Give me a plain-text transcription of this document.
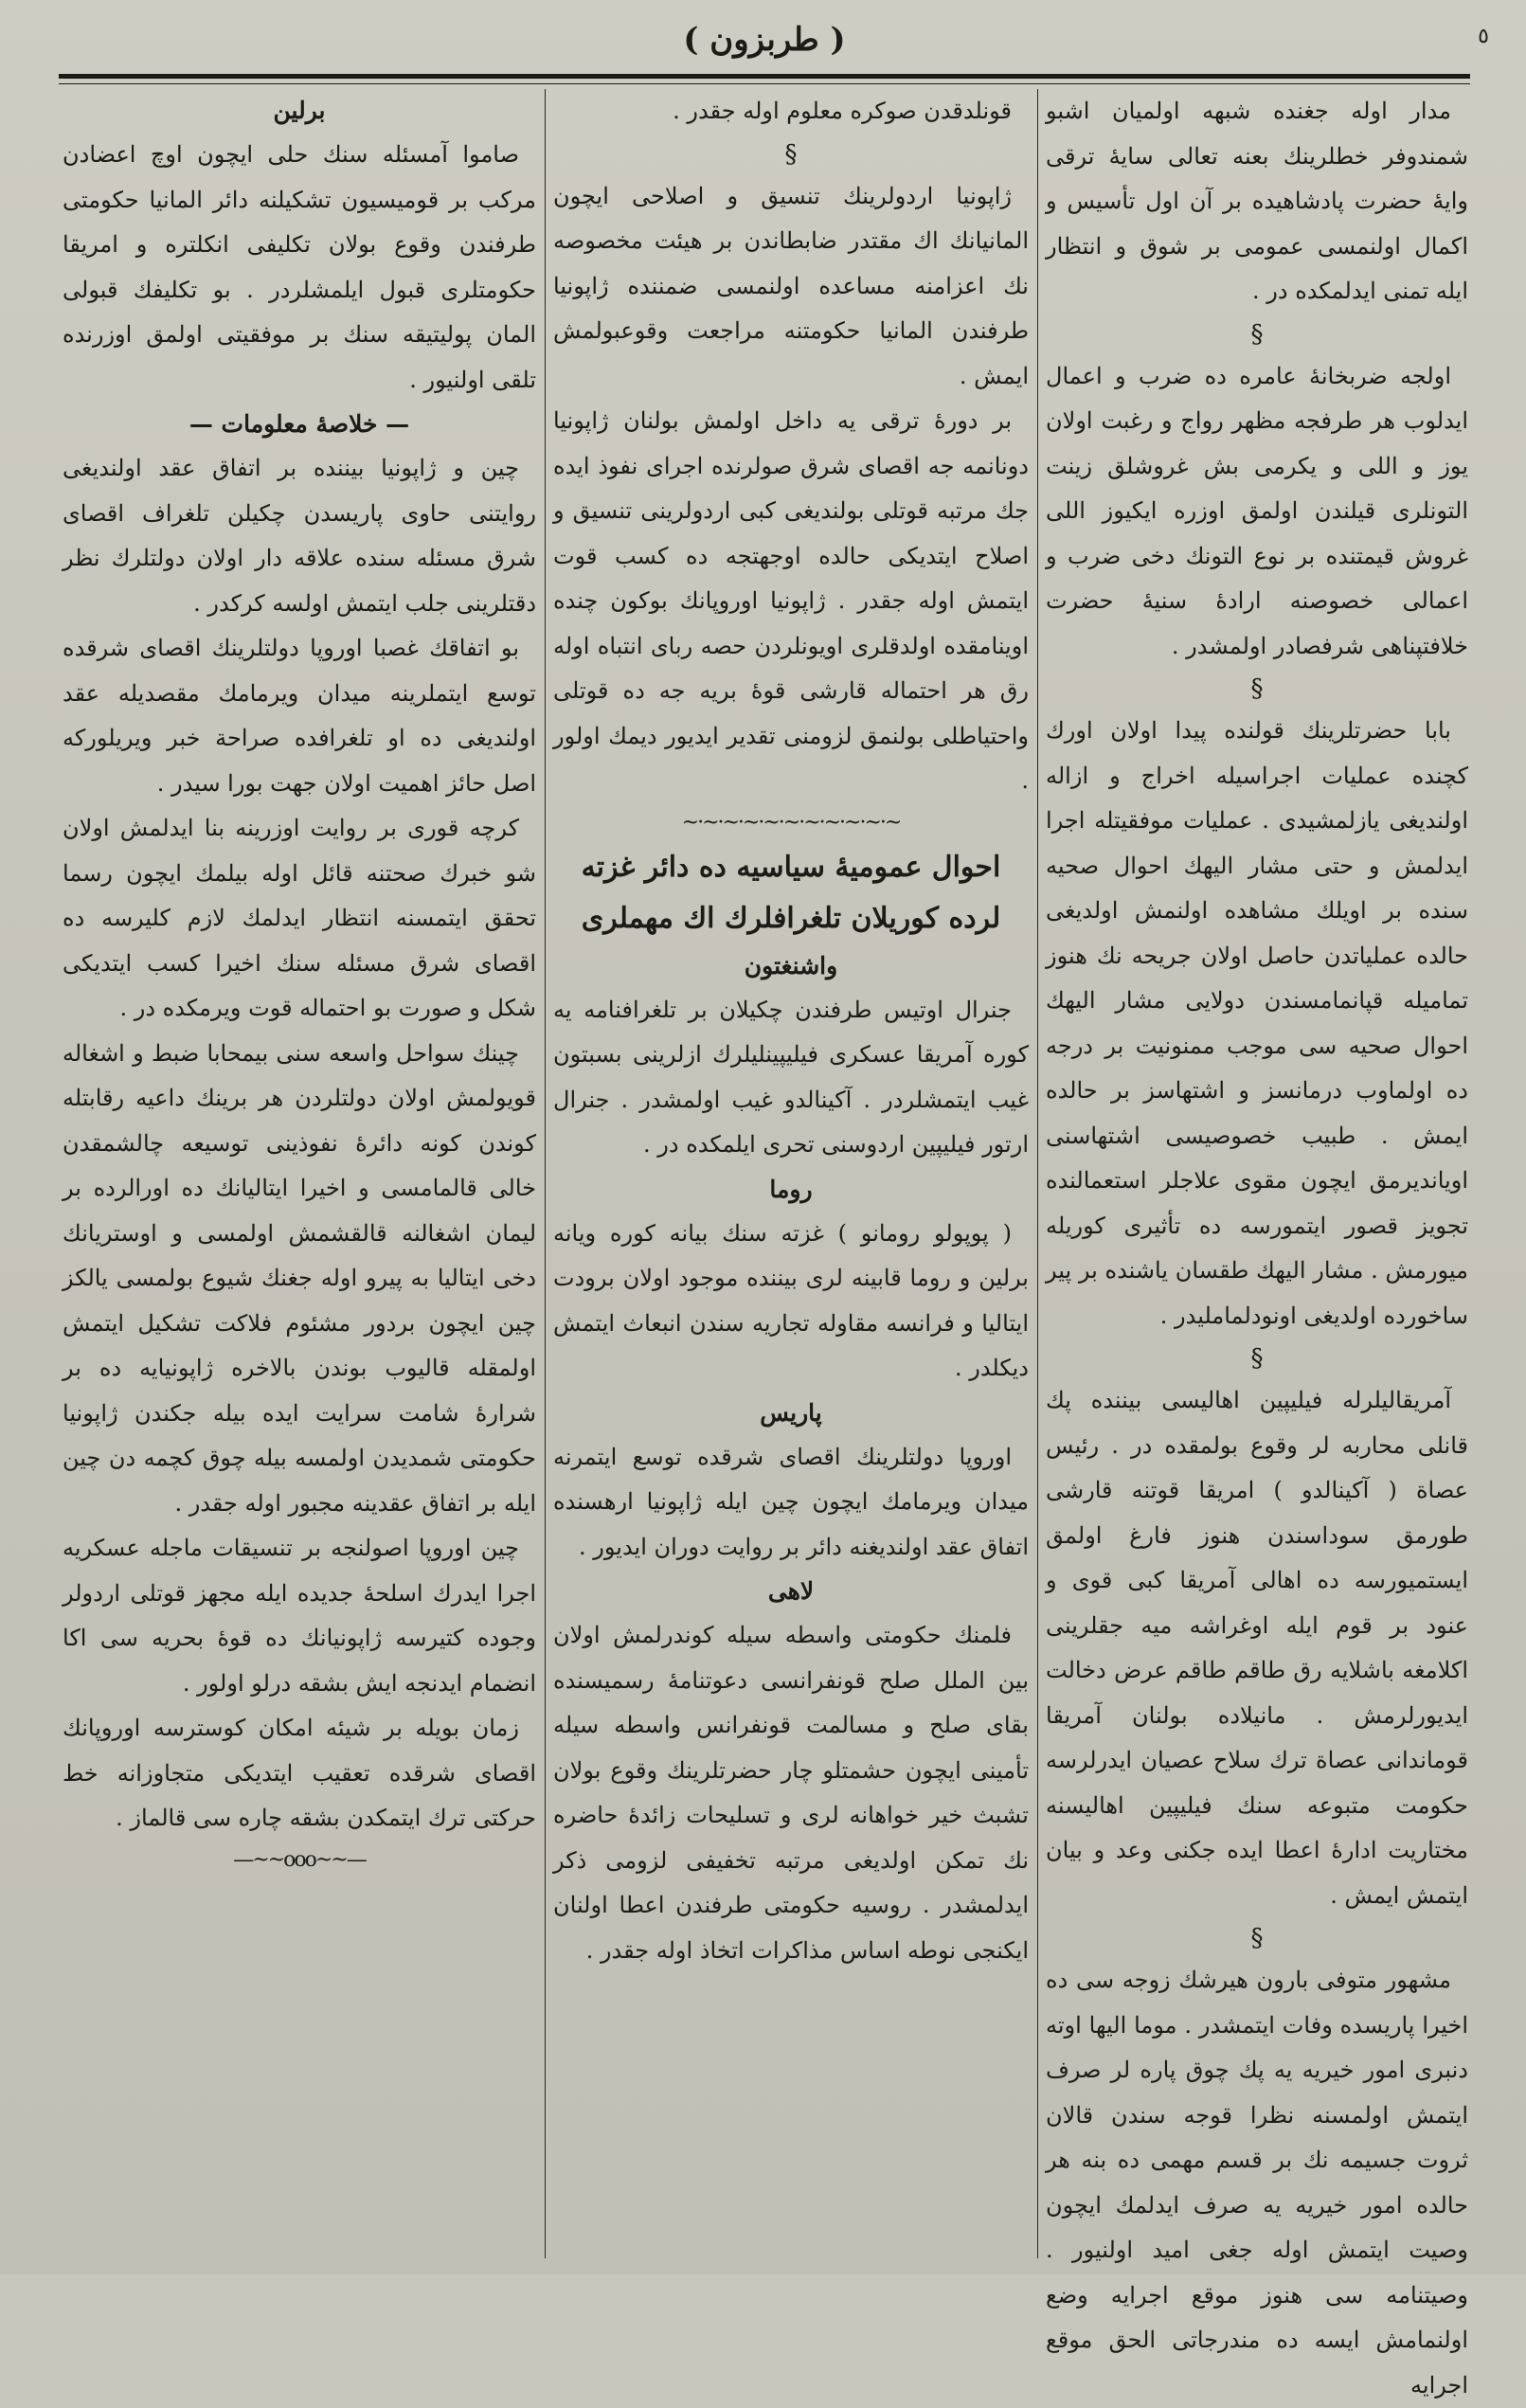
( طربزون )	٥

مدار اوله جغنده شبهه اولميان اشبو شمندوفر خطلرينك بعنه تعالى سايۀ ترقى وايۀ حضرت پادشاهيده بر آن اول تأسيس و اكمال اولنمسى عمومى بر شوق و انتظار ايله تمنى ايدلمكده در .

§

اولجه ضربخانۀ عامره ده ضرب و اعمال ايدلوب هر طرفجه مظهر رواج و رغبت اولان يوز و اللى و يكرمى بش غروشلق زينت التونلرى قيلندن اولمق اوزره ايكيوز اللى غروش قيمتنده بر نوع التونك دخى ضرب و اعمالى خصوصنه ارادۀ سنيۀ حضرت خلافتپناهى شرفصادر اولمشدر .

§

بابا حضرتلرينك قولنده پيدا اولان اورك كچنده عمليات اجراسيله اخراج و ازاله اولنديغى يازلمشيدى . عمليات موفقيتله اجرا ايدلمش و حتى مشار اليهك احوال صحيه سنده بر اويلك مشاهده اولنمش اولديغى حالده عملياتدن حاصل اولان جريحه نك هنوز تماميله قپانمامسندن دولايى مشار اليهك احوال صحيه سى موجب ممنونيت بر درجه ده اولماوب درمانسز و اشتهاسز بر حالده ايمش . طبيب خصوصيسى اشتهاسنى اويانديرمق ايچون مقوى علاجلر استعمالنده تجويز قصور ايتمورسه ده تأثيرى كوريله ميورمش . مشار اليهك طقسان ياشنده بر پير ساخورده اولديغى اونودلمامليدر .

§

آمريقاليلرله فيليپين اهاليسى بيننده پك قانلى محاربه لر وقوع بولمقده در . رئيس عصاة ( آكينالدو ) امريقا قوتنه قارشى طورمق سوداسندن هنوز فارغ اولمق ايستميورسه ده اهالى آمريقا كبى قوى و عنود بر قوم ايله اوغراشه ميه جقلرينى اكلامغه باشلايه رق طاقم طاقم عرض دخالت ايديورلرمش . مانيلاده بولنان آمريقا قوماندانى عصاة ترك سلاح عصيان ايدرلرسه حكومت متبوعه سنك فيليپين اهاليسنه مختاريت ادارۀ اعطا ايده جكنى وعد و بيان ايتمش ايمش .

§

مشهور متوفى بارون هيرشك زوجه سى ده اخيرا پاريسده وفات ايتمشدر . موما اليها اوته دنبرى امور خيريه يه پك چوق پاره لر صرف ايتمش اولمسنه نظرا قوجه سندن قالان ثروت جسيمه نك بر قسم مهمى ده بنه هر حالده امور خيريه يه صرف ايدلمك ايچون وصيت ايتمش اوله جغى اميد اولنيور . وصيتنامه سى هنوز موقع اجرايه وضع اولنمامش ايسه ده مندرجاتى الحق موقع اجرايه

قونلدقدن صوكره معلوم اوله جقدر .

§

ژاپونيا اردولرينك تنسيق و اصلاحى ايچون المانيانك اك مقتدر ضابطاندن بر هيئت مخصوصه نك اعزامنه مساعده اولنمسى ضمننده ژاپونيا طرفندن المانيا حكومتنه مراجعت وقوعبولمش ايمش .

بر دورۀ ترقى يه داخل اولمش بولنان ژاپونيا دونانمه جه اقصاى شرق صولرنده اجراى نفوذ ايده جك مرتبه قوتلى بولنديغى كبى اردولرينى تنسيق و اصلاح ايتديكى حالده اوجهتجه ده كسب قوت ايتمش اوله جقدر . ژاپونيا اوروپانك بوكون چنده اوينامقده اولدقلرى اويونلردن حصه رباى انتباه اوله رق هر احتماله قارشى قوۀ بريه جه ده قوتلى واحتياطلى بولنمق لزومنى تقدير ايديور ديمك اولور .

~·~·~·~·~·~·~·~·~·~·~
احوال عموميۀ سياسيه ده دائر غزته لرده كوريلان تلغرافلرك اك مهملرى
واشنغتون

جنرال اوتيس طرفندن چكيلان بر تلغرافنامه يه كوره آمريقا عسكرى فيليپينليلرك ازلرينى بسبتون غيب ايتمشلردر . آكينالدو غيب اولمشدر . جنرال ارتور فيليپين اردوسنى تحرى ايلمكده در .

روما

( پوپولو رومانو ) غزته سنك بيانه كوره ويانه برلين و روما قابينه لرى بيننده موجود اولان برودت ايتاليا و فرانسه مقاوله تجاريه سندن انبعاث ايتمش ديكلدر .

پاريس

اوروپا دولتلرينك اقصاى شرقده توسع ايتمرنه ميدان ويرمامك ايچون چين ايله ژاپونيا ارهسنده اتفاق عقد اولنديغنه دائر بر روايت دوران ايديور .

لاهى

فلمنك حكومتى واسطه سيله كوندرلمش اولان بين الملل صلح قونفرانسى دعوتنامۀ رسميسنده بقاى صلح و مسالمت قونفرانس واسطه سيله تأمينى ايچون حشمتلو چار حضرتلرينك وقوع بولان تشبث خير خواهانه لرى و تسليحات زائدۀ حاضره نك تمكن اولديغى مرتبه تخفيفى لزومى ذكر ايدلمشدر . روسيه حكومتى طرفندن اعطا اولنان ايكنجى نوطه اساس مذاكرات اتخاذ اوله جقدر .

برلين

صاموا آمسئله سنك حلى ايچون اوچ اعضادن مركب بر قوميسيون تشكيلنه دائر المانيا حكومتى طرفندن وقوع بولان تكليفى انكلتره و امريقا حكومتلرى قبول ايلمشلردر . بو تكليفك قبولى المان پوليتيقه سنك بر موفقيتى اولمق اوزرنده تلقى اولنيور .

— خلاصۀ معلومات —

چين و ژاپونيا بيننده بر اتفاق عقد اولنديغى روايتنى حاوى پاريسدن چكيلن تلغراف اقصاى شرق مسئله سنده علاقه دار اولان دولتلرك نظر دقتلرينى جلب ايتمش اولسه كركدر .

بو اتفاقك غصبا اوروپا دولتلرينك اقصاى شرقده توسع ايتملرينه ميدان ويرمامك مقصديله عقد اولنديغى ده او تلغرافده صراحة خبر ويريلوركه اصل حائز اهميت اولان جهت بورا سيدر .

كرچه قورى بر روايت اوزرينه بنا ايدلمش اولان شو خبرك صحتنه قائل اوله بيلمك ايچون رسما تحقق ايتمسنه انتظار ايدلمك لازم كليرسه ده اقصاى شرق مسئله سنك اخيرا كسب ايتديكى شكل و صورت بو احتماله قوت ويرمكده در .

چينك سواحل واسعه سنى بيمحابا ضبط و اشغاله قويولمش اولان دولتلردن هر برينك داعيه رقابتله كوندن كونه دائرۀ نفوذينى توسيعه چالشمقدن خالى قالمامسى و اخيرا ايتاليانك ده اورالرده بر ليمان اشغالنه قالقشمش اولمسى و اوستريانك دخى ايتاليا به پيرو اوله جغنك شيوع بولمسى يالكز چين ايچون بردور مشئوم فلاكت تشكيل ايتمش اولمقله قاليوب بوندن بالاخره ژاپونيايه ده بر شرارۀ شامت سرايت ايده بيله جكندن ژاپونيا حكومتى شمديدن اولمسه بيله چوق كچمه دن چين ايله بر اتفاق عقدينه مجبور اوله جقدر .

چين اوروپا اصولنجه بر تنسيقات ماجله عسكريه اجرا ايدرك اسلحۀ جديده ايله مجهز قوتلى اردولر وجوده كتيرسه ژاپونيانك ده قوۀ بحريه سى اكا انضمام ايدنجه ايش بشقه درلو اولور .

زمان بويله بر شيئه امكان كوسترسه اوروپانك اقصاى شرقده تعقيب ايتديكى متجاوزانه خط حركتى ترك ايتمكدن بشقه چاره سى قالماز .

—~~ooo~~—
